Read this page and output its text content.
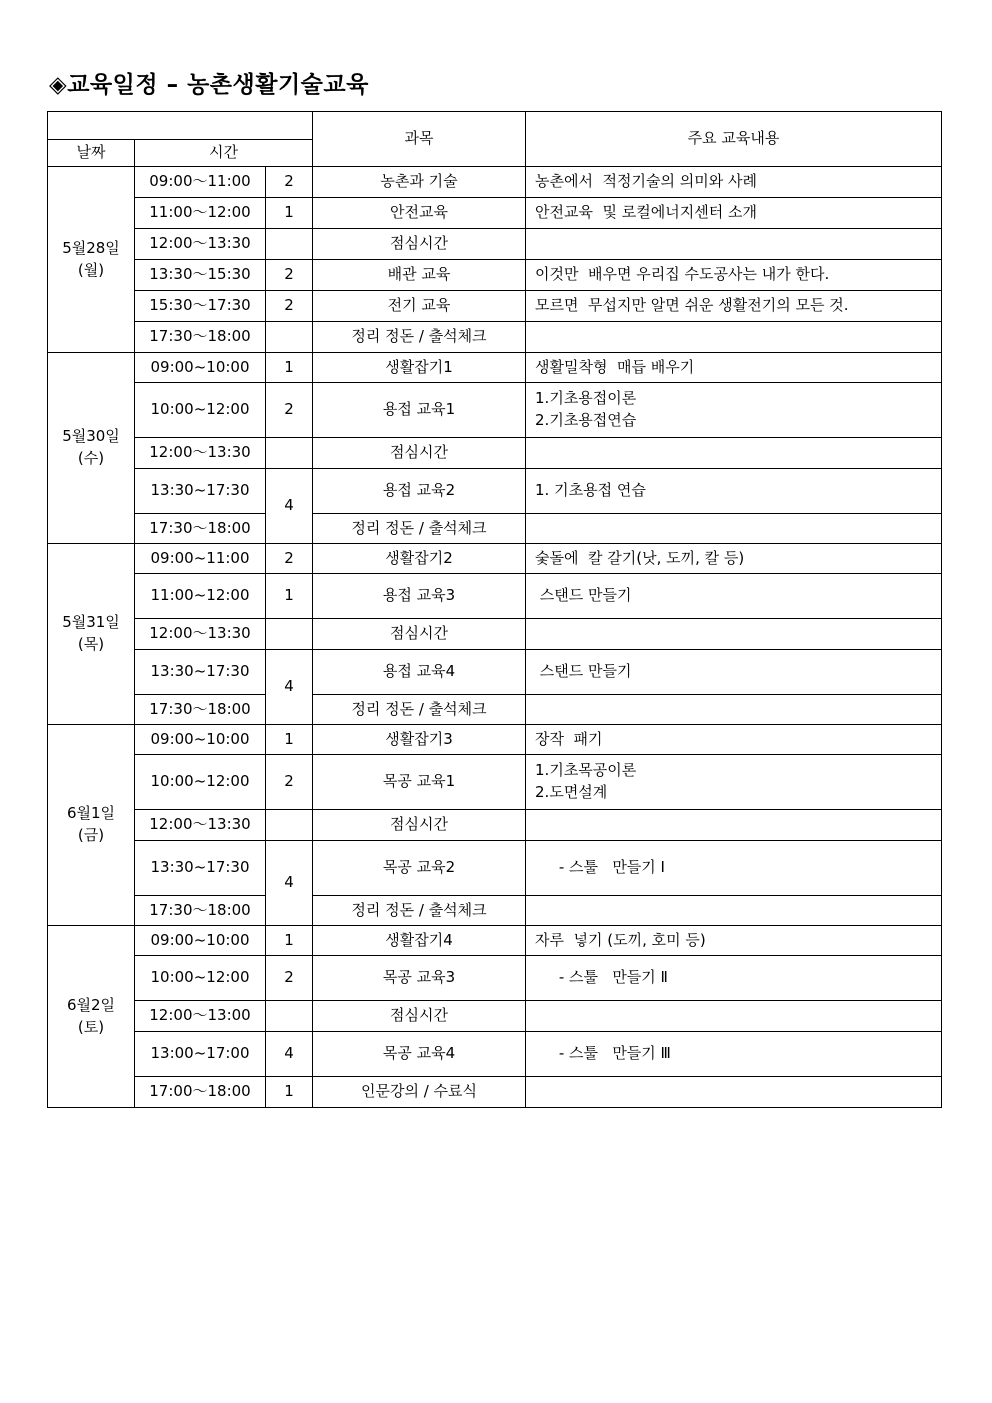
◈교육일정 – 농촌생활기술교육
			과목	주요 교육내용
날짜	시간			

5월28일
(월)	09:00～11:00	2	농촌과 기술	농촌에서  적정기술의 의미와 사례

	11:00～12:00	1	안전교육	안전교육  및 로컬에너지센터 소개

	12:00～13:30		점심시간	
	13:30～15:30	2	배관 교육	이것만  배우면 우리집 수도공사는 내가 한다.

	15:30～17:30	2	전기 교육	모르면  무섭지만 알면 쉬운 생활전기의 모든 것.

	17:30～18:00		정리 정돈 / 출석체크	

5월30일
(수)	09:00~10:00	1	생활잡기1	생활밀착형  매듭 배우기

	10:00~12:00	2	용접 교육1	1.기초용접이론
2.기초용접연습

	12:00～13:30		점심시간	
	13:30~17:30	4	용접 교육2	1. 기초용접 연습

	17:30～18:00		정리 정돈 / 출석체크	

5월31일
(목)	09:00~11:00	2	생활잡기2	숯돌에  칼 갈기(낫, 도끼, 칼 등)

	11:00~12:00	1	용접 교육3	스탠드 만들기

	12:00～13:30		점심시간	
	13:30~17:30	4	용접 교육4	스탠드 만들기

	17:30～18:00		정리 정돈 / 출석체크	

6월1일
(금)	09:00~10:00	1	생활잡기3	장작  패기

	10:00~12:00	2	목공 교육1	1.기초목공이론
2.도면설계

	12:00～13:30		점심시간	
	13:30~17:30	4	목공 교육2	- 스툴   만들기 Ⅰ

	17:30～18:00		정리 정돈 / 출석체크	

6월2일
(토)	09:00~10:00	1	생활잡기4	자루  넣기 (도끼, 호미 등)

	10:00~12:00	2	목공 교육3	- 스툴   만들기 Ⅱ

	12:00～13:00		점심시간	
	13:00~17:00	4	목공 교육4	- 스툴   만들기 Ⅲ

	17:00～18:00	1	인문강의 / 수료식	
